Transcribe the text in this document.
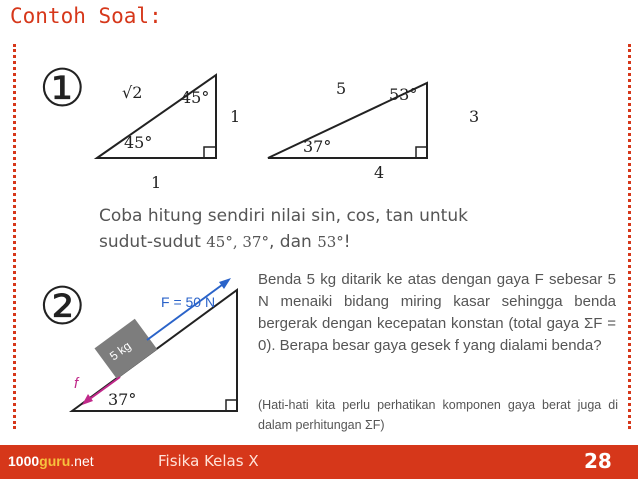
Contoh Soal:
① √2 45°
45°
1
1
5	53°
37°
3
4
Coba hitung sendiri nilai sin, cos, tan untuk
sudut-sudut 45°, 37°, dan 53°!
②	F = 50 N
5 kg
f
37°
Benda 5 kg ditarik ke atas dengan gaya F sebesar 5 N menaiki bidang miring kasar sehingga benda bergerak dengan kecepatan konstan (total gaya ΣF = 0). Berapa besar gaya gesek f yang dialami benda?
(Hati-hati kita perlu perhatikan komponen gaya berat juga di dalam perhitungan ΣF)
1000guru.net	Fisika Kelas X	28
